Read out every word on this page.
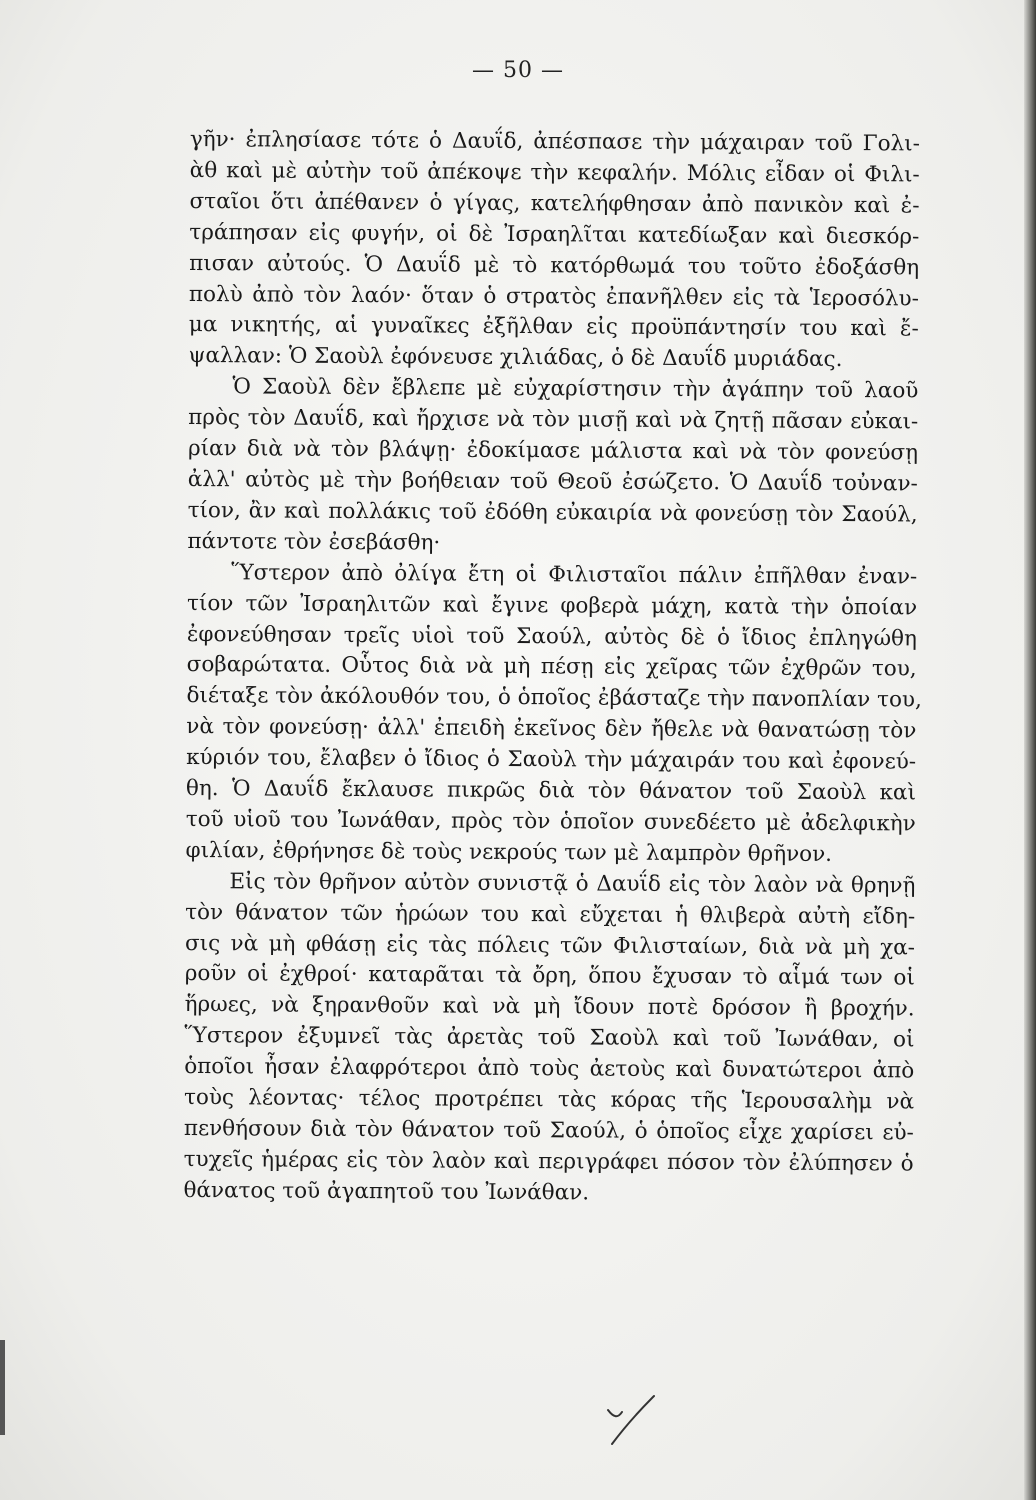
— 50 —
γῆν· ἐπλησίασε τότε ὁ Δαυΐδ, ἀπέσπασε τὴν μάχαιραν τοῦ Γολι-
ὰθ καὶ μὲ αὐτὴν τοῦ ἀπέκοψε τὴν κεφαλήν. Μόλις εἶδαν οἱ Φιλι-
σταῖοι ὅτι ἀπέθανεν ὁ γίγας, κατελήφθησαν ἀπὸ πανικὸν καὶ ἐ-
τράπησαν εἰς φυγήν, οἱ δὲ Ἰσραηλῖται κατεδίωξαν καὶ διεσκόρ-
πισαν αὐτούς. Ὁ Δαυΐδ μὲ τὸ κατόρθωμά του τοῦτο ἐδοξάσθη
πολὺ ἀπὸ τὸν λαόν· ὅταν ὁ στρατὸς ἐπανῆλθεν εἰς τὰ Ἱεροσόλυ-
μα νικητής, αἱ γυναῖκες ἐξῆλθαν εἰς προϋπάντησίν του καὶ ἔ-
ψαλλαν: Ὁ Σαοὺλ ἐφόνευσε χιλιάδας, ὁ δὲ Δαυΐδ μυριάδας.
Ὁ Σαοὺλ δὲν ἔβλεπε μὲ εὐχαρίστησιν τὴν ἀγάπην τοῦ λαοῦ
πρὸς τὸν Δαυΐδ, καὶ ἤρχισε νὰ τὸν μισῇ καὶ νὰ ζητῇ πᾶσαν εὐκαι-
ρίαν διὰ νὰ τὸν βλάψῃ· ἐδοκίμασε μάλιστα καὶ νὰ τὸν φονεύσῃ
ἀλλ' αὐτὸς μὲ τὴν βοήθειαν τοῦ Θεοῦ ἐσώζετο. Ὁ Δαυΐδ τοὐναν-
τίον, ἂν καὶ πολλάκις τοῦ ἐδόθη εὐκαιρία νὰ φονεύσῃ τὸν Σαούλ,
πάντοτε τὸν ἐσεβάσθη·
Ὕστερον ἀπὸ ὀλίγα ἔτη οἱ Φιλισταῖοι πάλιν ἐπῆλθαν ἐναν-
τίον τῶν Ἰσραηλιτῶν καὶ ἔγινε φοβερὰ μάχη, κατὰ τὴν ὁποίαν
ἐφονεύθησαν τρεῖς υἱοὶ τοῦ Σαούλ, αὐτὸς δὲ ὁ ἴδιος ἐπληγώθη
σοβαρώτατα. Οὗτος διὰ νὰ μὴ πέσῃ εἰς χεῖρας τῶν ἐχθρῶν του,
διέταξε τὸν ἀκόλουθόν του, ὁ ὁποῖος ἐβάσταζε τὴν πανοπλίαν του,
νὰ τὸν φονεύσῃ· ἀλλ' ἐπειδὴ ἐκεῖνος δὲν ἤθελε νὰ θανατώσῃ τὸν
κύριόν του, ἔλαβεν ὁ ἴδιος ὁ Σαοὺλ τὴν μάχαιράν του καὶ ἐφονεύ-
θη. Ὁ Δαυΐδ ἔκλαυσε πικρῶς διὰ τὸν θάνατον τοῦ Σαοὺλ καὶ
τοῦ υἱοῦ του Ἰωνάθαν, πρὸς τὸν ὁποῖον συνεδέετο μὲ ἀδελφικὴν
φιλίαν, ἐθρήνησε δὲ τοὺς νεκρούς των μὲ λαμπρὸν θρῆνον.
Εἰς τὸν θρῆνον αὐτὸν συνιστᾷ ὁ Δαυΐδ εἰς τὸν λαὸν νὰ θρηνῇ
τὸν θάνατον τῶν ἡρώων του καὶ εὔχεται ἡ θλιβερὰ αὐτὴ εἴδη-
σις νὰ μὴ φθάσῃ εἰς τὰς πόλεις τῶν Φιλισταίων, διὰ νὰ μὴ χα-
ροῦν οἱ ἐχθροί· καταρᾶται τὰ ὄρη, ὅπου ἔχυσαν τὸ αἷμά των οἱ
ἥρωες, νὰ ξηρανθοῦν καὶ νὰ μὴ ἴδουν ποτὲ δρόσον ἢ βροχήν.
Ὕστερον ἐξυμνεῖ τὰς ἀρετὰς τοῦ Σαοὺλ καὶ τοῦ Ἰωνάθαν, οἱ
ὁποῖοι ἦσαν ἐλαφρότεροι ἀπὸ τοὺς ἀετοὺς καὶ δυνατώτεροι ἀπὸ
τοὺς λέοντας· τέλος προτρέπει τὰς κόρας τῆς Ἱερουσαλὴμ νὰ
πενθήσουν διὰ τὸν θάνατον τοῦ Σαούλ, ὁ ὁποῖος εἶχε χαρίσει εὐ-
τυχεῖς ἡμέρας εἰς τὸν λαὸν καὶ περιγράφει πόσον τὸν ἐλύπησεν ὁ
θάνατος τοῦ ἀγαπητοῦ του Ἰωνάθαν.
